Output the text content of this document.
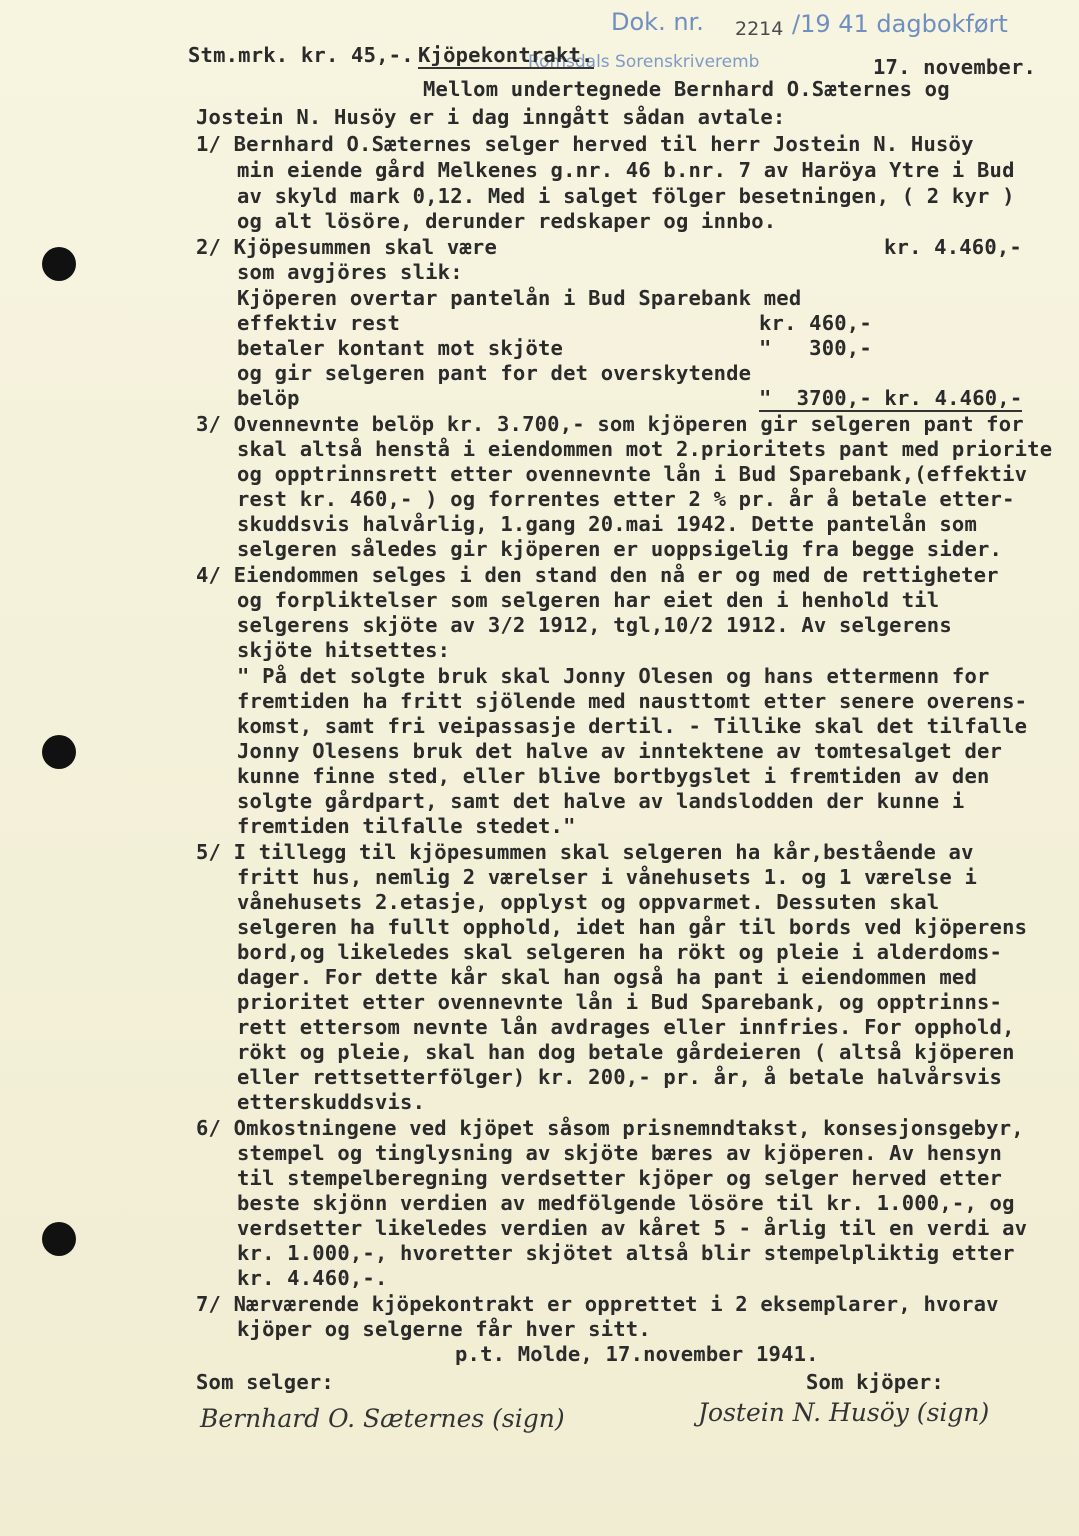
Dok. nr. 2214 /19 41 dagbokført
Romsdals Sorenskriveremb	17. november.
Stm.mrk. kr. 45,-. Kjöpekontrakt.
Mellom undertegnede Bernhard O.Sæternes og
Jostein N. Husöy er i dag inngått sådan avtale:
1/ Bernhard O.Sæternes selger herved til herr Jostein N. Husöy
min eiende gård Melkenes g.nr. 46 b.nr. 7 av Haröya Ytre i Bud
av skyld mark 0,12. Med i salget fölger besetningen, ( 2 kyr )
og alt lösöre, derunder redskaper og innbo.
2/ Kjöpesummen skal være	kr. 4.460,-
som avgjöres slik:
Kjöperen overtar pantelån i Bud Sparebank med
effektiv rest	kr. 460,-
betaler kontant mot skjöte	"   300,-
og gir selgeren pant for det overskytende
belöp	"  3700,- kr. 4.460,-
3/ Ovennevnte belöp kr. 3.700,- som kjöperen gir selgeren pant for
skal altså henstå i eiendommen mot 2.prioritets pant med priorite
og opptrinnsrett etter ovennevnte lån i Bud Sparebank,(effektiv
rest kr. 460,- ) og forrentes etter 2 % pr. år å betale etter-
skuddsvis halvårlig, 1.gang 20.mai 1942. Dette pantelån som
selgeren således gir kjöperen er uoppsigelig fra begge sider.
4/ Eiendommen selges i den stand den nå er og med de rettigheter
og forpliktelser som selgeren har eiet den i henhold til
selgerens skjöte av 3/2 1912, tgl,10/2 1912. Av selgerens
skjöte hitsettes:
" På det solgte bruk skal Jonny Olesen og hans ettermenn for
fremtiden ha fritt sjölende med nausttomt etter senere overens-
komst, samt fri veipassasje dertil. - Tillike skal det tilfalle
Jonny Olesens bruk det halve av inntektene av tomtesalget der
kunne finne sted, eller blive bortbygslet i fremtiden av den
solgte gårdpart, samt det halve av landslodden der kunne i
fremtiden tilfalle stedet."
5/ I tillegg til kjöpesummen skal selgeren ha kår,bestående av
fritt hus, nemlig 2 værelser i vånehusets 1. og 1 værelse i
vånehusets 2.etasje, opplyst og oppvarmet. Dessuten skal
selgeren ha fullt opphold, idet han går til bords ved kjöperens
bord,og likeledes skal selgeren ha rökt og pleie i alderdoms-
dager. For dette kår skal han også ha pant i eiendommen med
prioritet etter ovennevnte lån i Bud Sparebank, og opptrinns-
rett ettersom nevnte lån avdrages eller innfries. For opphold,
rökt og pleie, skal han dog betale gårdeieren ( altså kjöperen
eller rettsetterfölger) kr. 200,- pr. år, å betale halvårsvis
etterskuddsvis.
6/ Omkostningene ved kjöpet såsom prisnemndtakst, konsesjonsgebyr,
stempel og tinglysning av skjöte bæres av kjöperen. Av hensyn
til stempelberegning verdsetter kjöper og selger herved etter
beste skjönn verdien av medfölgende lösöre til kr. 1.000,-, og
verdsetter likeledes verdien av kåret 5 - årlig til en verdi av
kr. 1.000,-, hvoretter skjötet altså blir stempelpliktig etter
kr. 4.460,-.
7/ Nærværende kjöpekontrakt er opprettet i 2 eksemplarer, hvorav
kjöper og selgerne får hver sitt.
p.t. Molde, 17.november 1941.
Som selger:	Som kjöper:
Bernhard O. Sæternes (sign)	Jostein N. Husöy (sign)
